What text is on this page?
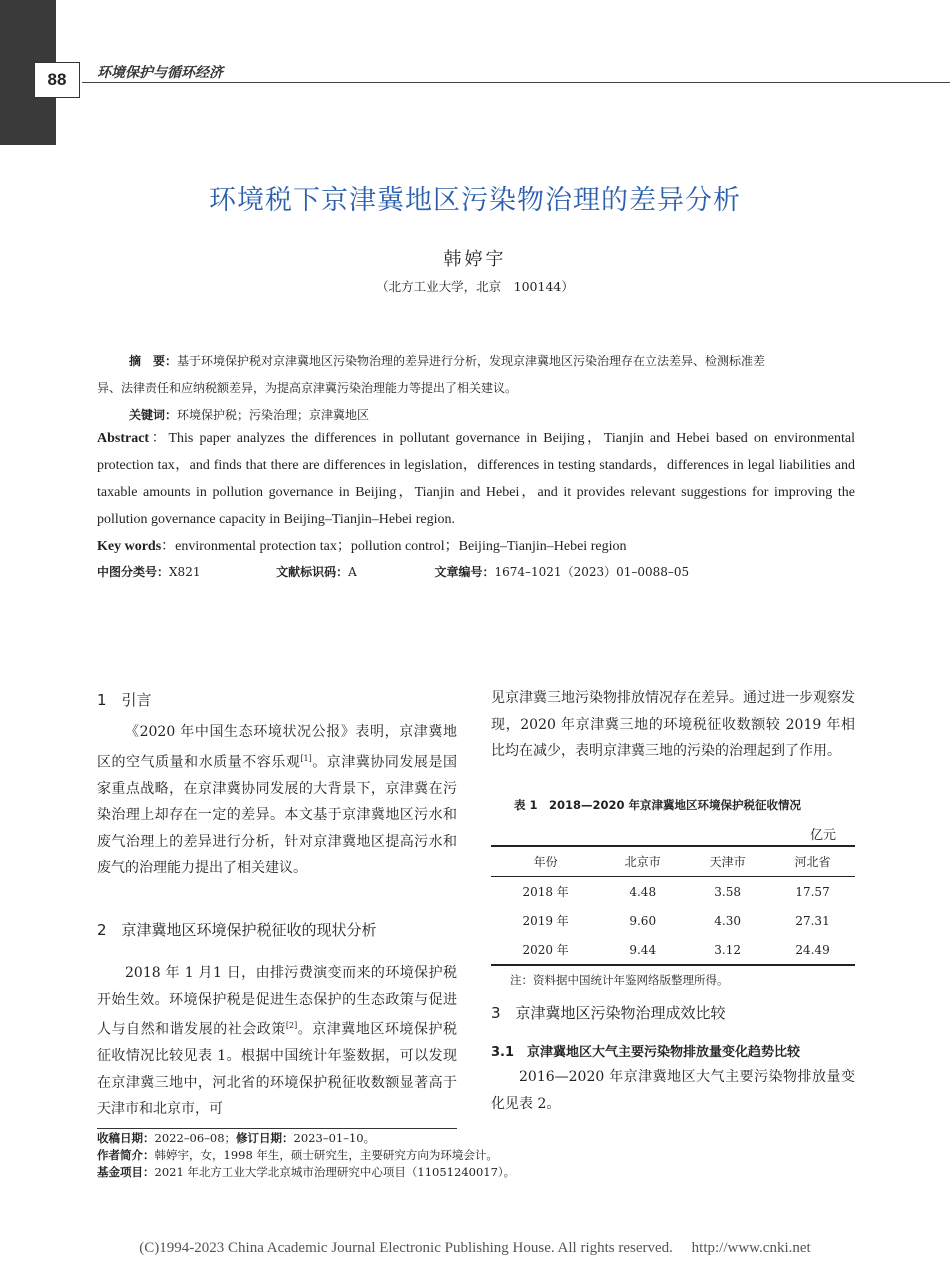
88	环境保护与循环经济
环境税下京津冀地区污染物治理的差异分析
韩婷宇
（北方工业大学，北京　100144）
摘　要：基于环境保护税对京津冀地区污染物治理的差异进行分析，发现京津冀地区污染治理存在立法差异、检测标准差
异、法律责任和应纳税额差异，为提高京津冀污染治理能力等提出了相关建议。
关键词：环境保护税；污染治理；京津冀地区
Abstract：This paper analyzes the differences in pollutant governance in Beijing，Tianjin and Hebei based on environmental protection tax，and finds that there are differences in legislation，differences in testing standards，differences in legal liabilities and taxable amounts in pollution governance in Beijing，Tianjin and Hebei，and it provides relevant suggestions for improving the pollution governance capacity in Beijing–Tianjin–Hebei region.
Key words：environmental protection tax；pollution control；Beijing–Tianjin–Hebei region
中图分类号：X821	文献标识码：A	文章编号：1674–1021（2023）01–0088–05
1　引言
《2020 年中国生态环境状况公报》表明，京津冀地区的空气质量和水质量不容乐观[1]。京津冀协同发展是国家重点战略，在京津冀协同发展的大背景下，京津冀在污染治理上却存在一定的差异。本文基于京津冀地区污水和废气治理上的差异进行分析，针对京津冀地区提高污水和废气的治理能力提出了相关建议。
2　京津冀地区环境保护税征收的现状分析
2018 年 1 月1 日，由排污费演变而来的环境保护税开始生效。环境保护税是促进生态保护的生态政策与促进人与自然和谐发展的社会政策[2]。京津冀地区环境保护税征收情况比较见表 1。根据中国统计年鉴数据，可以发现在京津冀三地中，河北省的环境保护税征收数额显著高于天津市和北京市，可
见京津冀三地污染物排放情况存在差异。通过进一步观察发现，2020 年京津冀三地的环境税征收数额较 2019 年相比均在减少，表明京津冀三地的污染的治理起到了作用。
表 1　2018—2020 年京津冀地区环境保护税征收情况
亿元
年份	北京市	天津市	河北省
2018 年	4.48	3.58	17.57
2019 年	9.60	4.30	27.31
2020 年	9.44	3.12	24.49
注：资料据中国统计年鉴网络版整理所得。
3　京津冀地区污染物治理成效比较
3.1　京津冀地区大气主要污染物排放量变化趋势比较
2016—2020 年京津冀地区大气主要污染物排放量变化见表 2。
收稿日期：2022–06–08；修订日期：2023–01–10。
作者简介：韩婷宇，女，1998 年生，硕士研究生，主要研究方向为环境会计。
基金项目：2021 年北方工业大学北京城市治理研究中心项目（11051240017）。
(C)1994-2023 China Academic Journal Electronic Publishing House. All rights reserved.　 http://www.cnki.net
